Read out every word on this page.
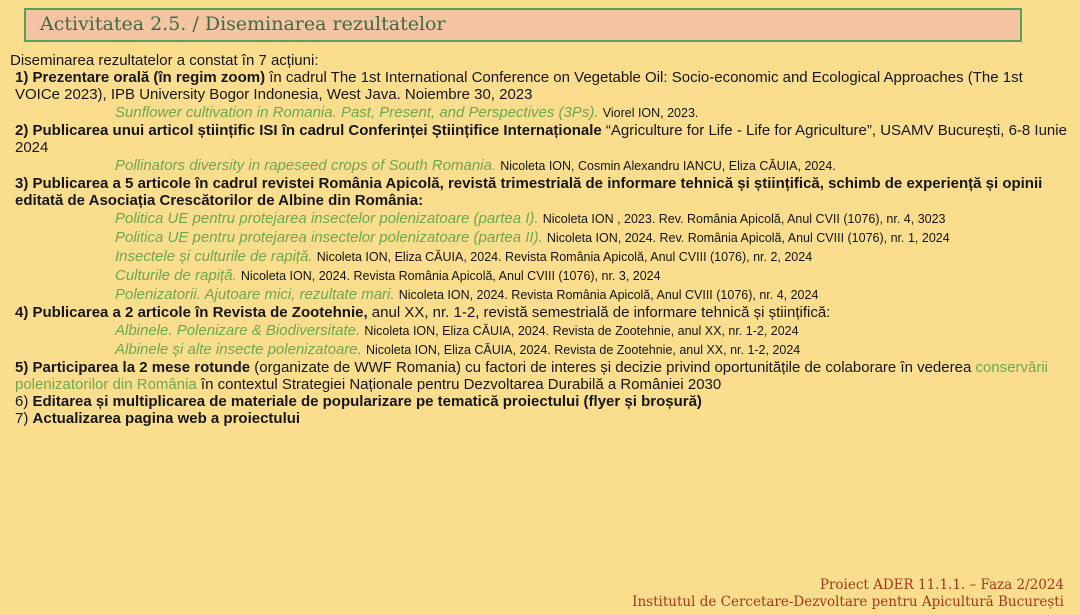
Activitatea 2.5. / Diseminarea rezultatelor

Diseminarea rezultatelor a constat în 7 acțiuni:

1) Prezentare orală (în regim zoom) în cadrul The 1st International Conference on Vegetable Oil: Socio-economic and Ecological Approaches (The 1st VOICe 2023), IPB University Bogor Indonesia, West Java. Noiembre 30, 2023

Sunflower cultivation in Romania. Past, Present, and Perspectives (3Ps). Viorel ION, 2023.

2) Publicarea unui articol științific ISI în cadrul Conferinței Științifice Internaționale “Agriculture for Life - Life for Agriculture”, USAMV București, 6-8 Iunie 2024

Pollinators diversity in rapeseed crops of South Romania. Nicoleta ION, Cosmin Alexandru IANCU, Eliza CĂUIA, 2024.

3) Publicarea a 5 articole în cadrul revistei România Apicolă, revistă trimestrială de informare tehnică și științifică, schimb de experiență și opinii editată de Asociația Crescătorilor de Albine din România:

Politica UE pentru protejarea insectelor polenizatoare (partea I). Nicoleta ION , 2023. Rev. România Apicolă, Anul CVII (1076), nr. 4, 3023

Politica UE pentru protejarea insectelor polenizatoare (partea II). Nicoleta ION, 2024. Rev. România Apicolă, Anul CVIII (1076), nr. 1, 2024

Insectele și culturile de rapiță. Nicoleta ION, Eliza CĂUIA, 2024. Revista România Apicolă, Anul CVIII (1076), nr. 2, 2024

Culturile de rapiță. Nicoleta ION, 2024. Revista România Apicolă, Anul CVIII (1076), nr. 3, 2024

Polenizatorii. Ajutoare mici, rezultate mari. Nicoleta ION, 2024. Revista România Apicolă, Anul CVIII (1076), nr. 4, 2024

4) Publicarea a 2 articole în Revista de Zootehnie, anul XX, nr. 1-2, revistă semestrială de informare tehnică și științifică:

Albinele. Polenizare & Biodiversitate. Nicoleta ION, Eliza CĂUIA, 2024. Revista de Zootehnie, anul XX, nr. 1-2, 2024

Albinele și alte insecte polenizatoare. Nicoleta ION, Eliza CĂUIA, 2024. Revista de Zootehnie, anul XX, nr. 1-2, 2024

5) Participarea la 2 mese rotunde (organizate de WWF Romania) cu factori de interes și decizie privind oportunitățile de colaborare în vederea conservării polenizatorilor din România în contextul Strategiei Naționale pentru Dezvoltarea Durabilă a României 2030

6) Editarea și multiplicarea de materiale de popularizare pe tematică proiectului (flyer și broșură)

7) Actualizarea pagina web a proiectului

Proiect ADER 11.1.1. – Faza 2/2024
Institutul de Cercetare-Dezvoltare pentru Apicultură București
